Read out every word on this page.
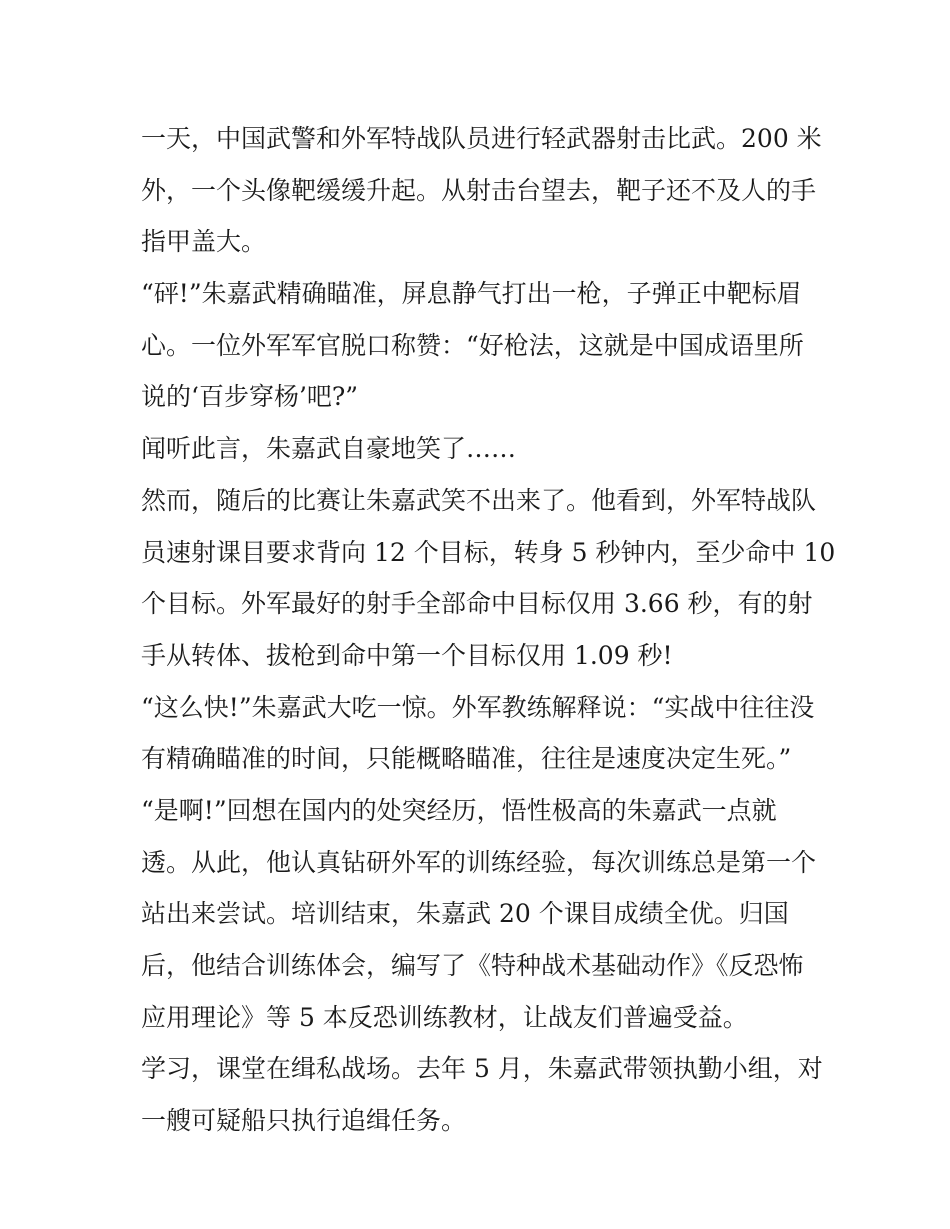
一天，中国武警和外军特战队员进行轻武器射击比武。200 米
外，一个头像靶缓缓升起。从射击台望去，靶子还不及人的手
指甲盖大。
“砰!”朱嘉武精确瞄准，屏息静气打出一枪，子弹正中靶标眉
心。一位外军军官脱口称赞：“好枪法，这就是中国成语里所
说的‘百步穿杨’吧?”
闻听此言，朱嘉武自豪地笑了……
然而，随后的比赛让朱嘉武笑不出来了。他看到，外军特战队
员速射课目要求背向 12 个目标，转身 5 秒钟内，至少命中 10
个目标。外军最好的射手全部命中目标仅用 3.66 秒，有的射
手从转体、拔枪到命中第一个目标仅用 1.09 秒!
“这么快!”朱嘉武大吃一惊。外军教练解释说：“实战中往往没
有精确瞄准的时间，只能概略瞄准，往往是速度决定生死。”
“是啊!”回想在国内的处突经历，悟性极高的朱嘉武一点就
透。从此，他认真钻研外军的训练经验，每次训练总是第一个
站出来尝试。培训结束，朱嘉武 20 个课目成绩全优。归国
后，他结合训练体会，编写了《特种战术基础动作》《反恐怖
应用理论》等 5 本反恐训练教材，让战友们普遍受益。
学习，课堂在缉私战场。去年 5 月，朱嘉武带领执勤小组，对
一艘可疑船只执行追缉任务。
